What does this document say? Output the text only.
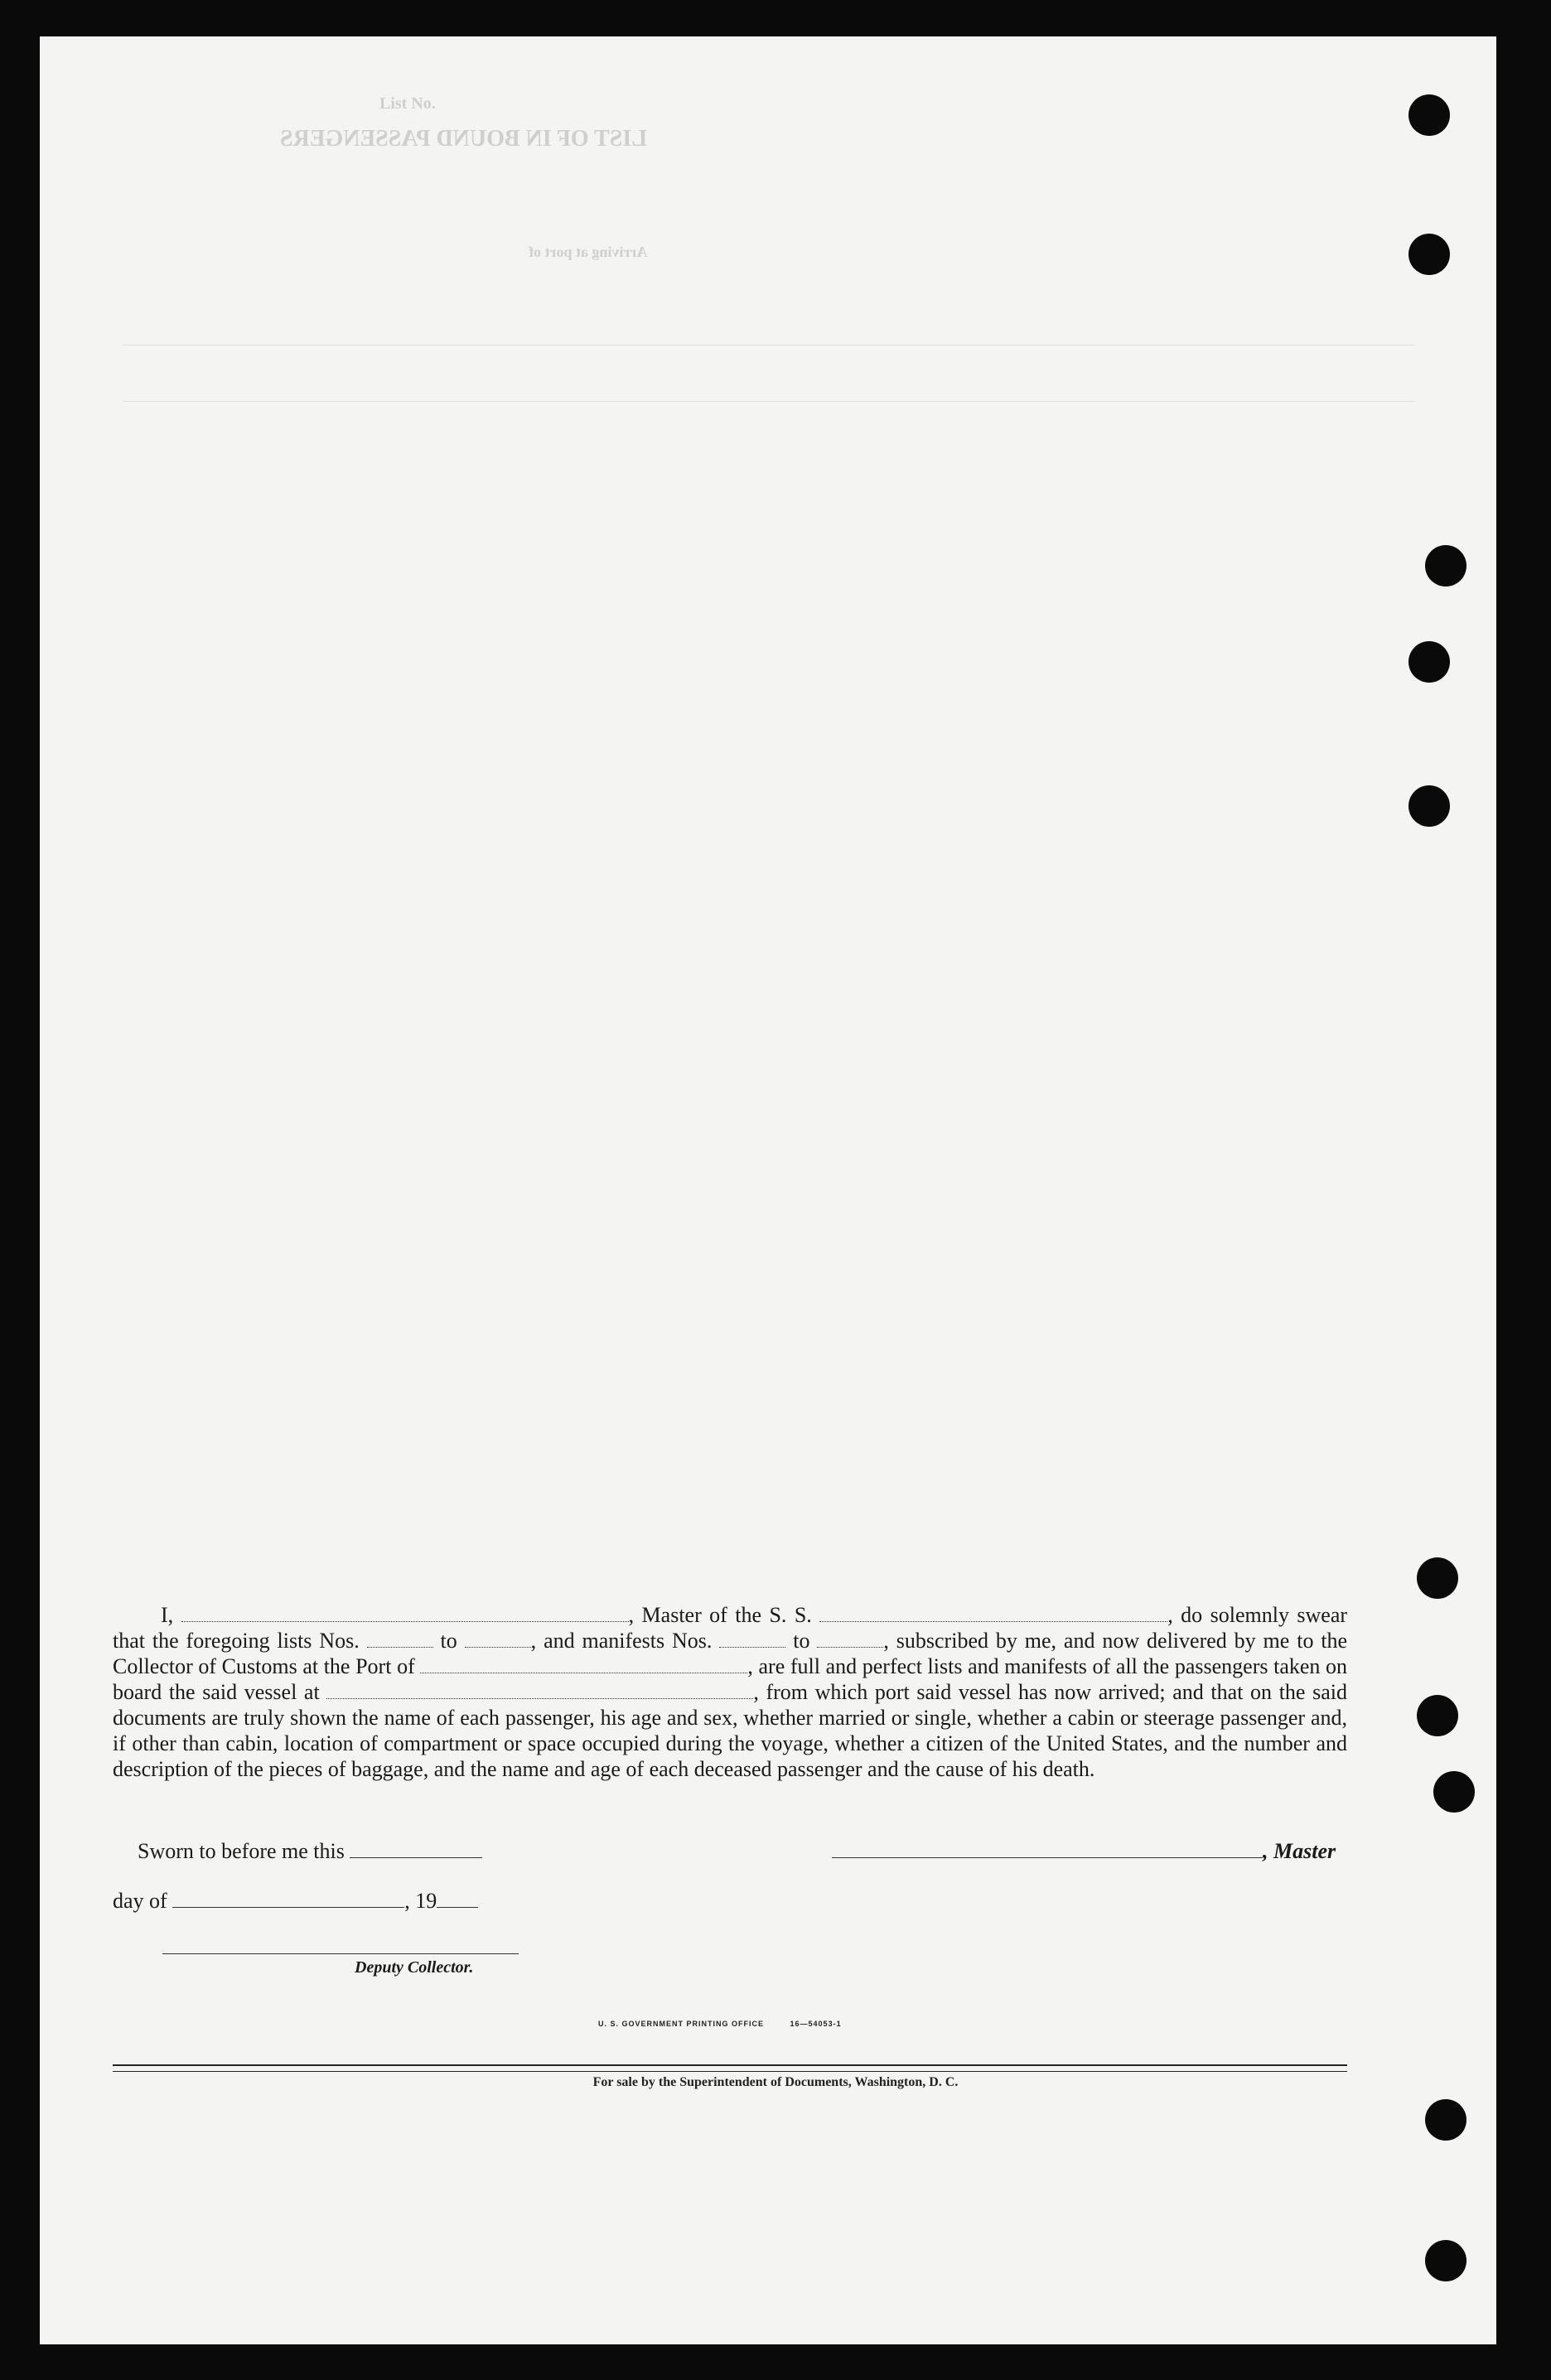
List No.
LIST OF IN BOUND PASSENGERS
Arriving at port of
I,	, Master of the S. S.	, do solemnly swear that the foregoing lists Nos.	to	, and manifests Nos.	to	, subscribed by me, and now delivered by me to the Collector of Customs at the Port of	, are full and perfect lists and manifests of all the passengers taken on board the said vessel at	, from which port said vessel has now arrived; and that on the said documents are truly shown the name of each passenger, his age and sex, whether married or single, whether a cabin or steerage passenger and, if other than cabin, location of compartment or space occupied during the voyage, whether a citizen of the United States, and the number and description of the pieces of baggage, and the name and age of each deceased passenger and the cause of his death.
Sworn to before me this	, Master
day of	, 19
Deputy Collector.
U. S. GOVERNMENT PRINTING OFFICE	16—54053-1
For sale by the Superintendent of Documents, Washington, D. C.
